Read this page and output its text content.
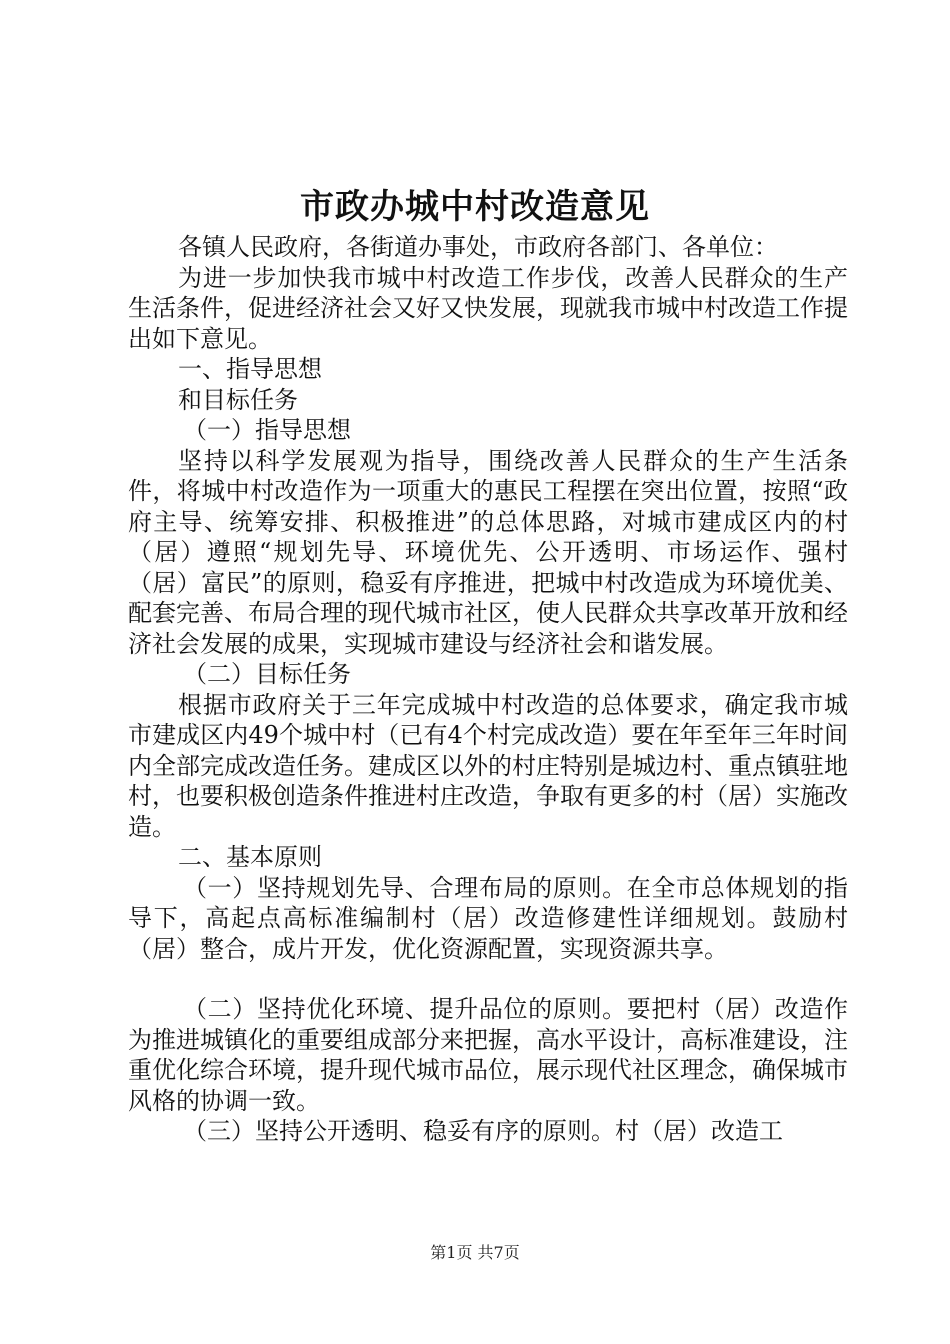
市政办城中村改造意见

各镇人民政府，各街道办事处，市政府各部门、各单位：

为进一步加快我市城中村改造工作步伐，改善人民群众的生产生活条件，促进经济社会又好又快发展，现就我市城中村改造工作提出如下意见。

一、指导思想

和目标任务

（一）指导思想

坚持以科学发展观为指导，围绕改善人民群众的生产生活条件，将城中村改造作为一项重大的惠民工程摆在突出位置，按照“政府主导、统筹安排、积极推进”的总体思路，对城市建成区内的村（居）遵照“规划先导、环境优先、公开透明、市场运作、强村（居）富民”的原则，稳妥有序推进，把城中村改造成为环境优美、配套完善、布局合理的现代城市社区，使人民群众共享改革开放和经济社会发展的成果，实现城市建设与经济社会和谐发展。

（二）目标任务

根据市政府关于三年完成城中村改造的总体要求，确定我市城市建成区内49个城中村（已有4个村完成改造）要在年至年三年时间内全部完成改造任务。建成区以外的村庄特别是城边村、重点镇驻地村，也要积极创造条件推进村庄改造，争取有更多的村（居）实施改造。

二、基本原则

（一）坚持规划先导、合理布局的原则。在全市总体规划的指导下，高起点高标准编制村（居）改造修建性详细规划。鼓励村（居）整合，成片开发，优化资源配置，实现资源共享。

（二）坚持优化环境、提升品位的原则。要把村（居）改造作为推进城镇化的重要组成部分来把握，高水平设计，高标准建设，注重优化综合环境，提升现代城市品位，展示现代社区理念，确保城市风格的协调一致。

（三）坚持公开透明、稳妥有序的原则。村（居）改造工

第1页 共7页
